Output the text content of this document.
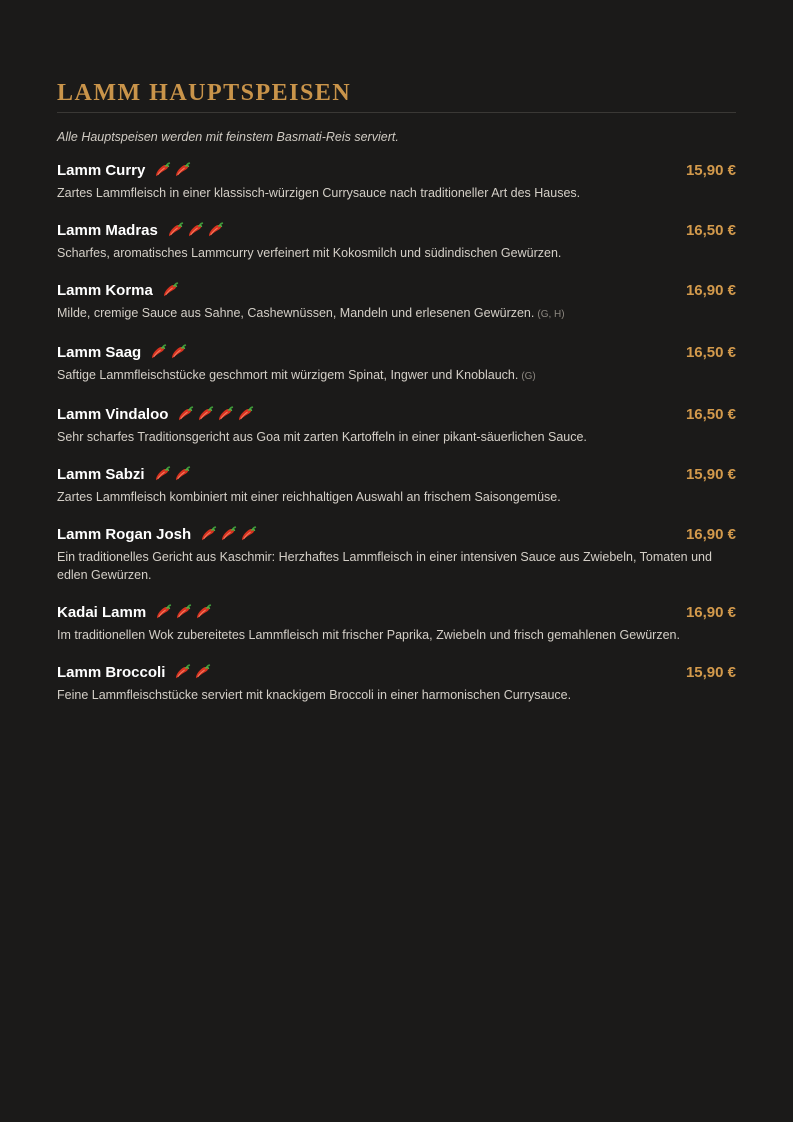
LAMM HAUPTSPEISEN
Alle Hauptspeisen werden mit feinstem Basmati-Reis serviert.
Lamm Curry	15,90 €
Zartes Lammfleisch in einer klassisch-würzigen Currysauce nach traditioneller Art des Hauses.
Lamm Madras	16,50 €
Scharfes, aromatisches Lammcurry verfeinert mit Kokosmilch und südindischen Gewürzen.
Lamm Korma	16,90 €
Milde, cremige Sauce aus Sahne, Cashewnüssen, Mandeln und erlesenen Gewürzen. (G, H)
Lamm Saag	16,50 €
Saftige Lammfleischstücke geschmort mit würzigem Spinat, Ingwer und Knoblauch. (G)
Lamm Vindaloo	16,50 €
Sehr scharfes Traditionsgericht aus Goa mit zarten Kartoffeln in einer pikant-säuerlichen Sauce.
Lamm Sabzi	15,90 €
Zartes Lammfleisch kombiniert mit einer reichhaltigen Auswahl an frischem Saisongemüse.
Lamm Rogan Josh	16,90 €
Ein traditionelles Gericht aus Kaschmir: Herzhaftes Lammfleisch in einer intensiven Sauce aus Zwiebeln, Tomaten und edlen Gewürzen.
Kadai Lamm	16,90 €
Im traditionellen Wok zubereitetes Lammfleisch mit frischer Paprika, Zwiebeln und frisch gemahlenen Gewürzen.
Lamm Broccoli	15,90 €
Feine Lammfleischstücke serviert mit knackigem Broccoli in einer harmonischen Currysauce.
